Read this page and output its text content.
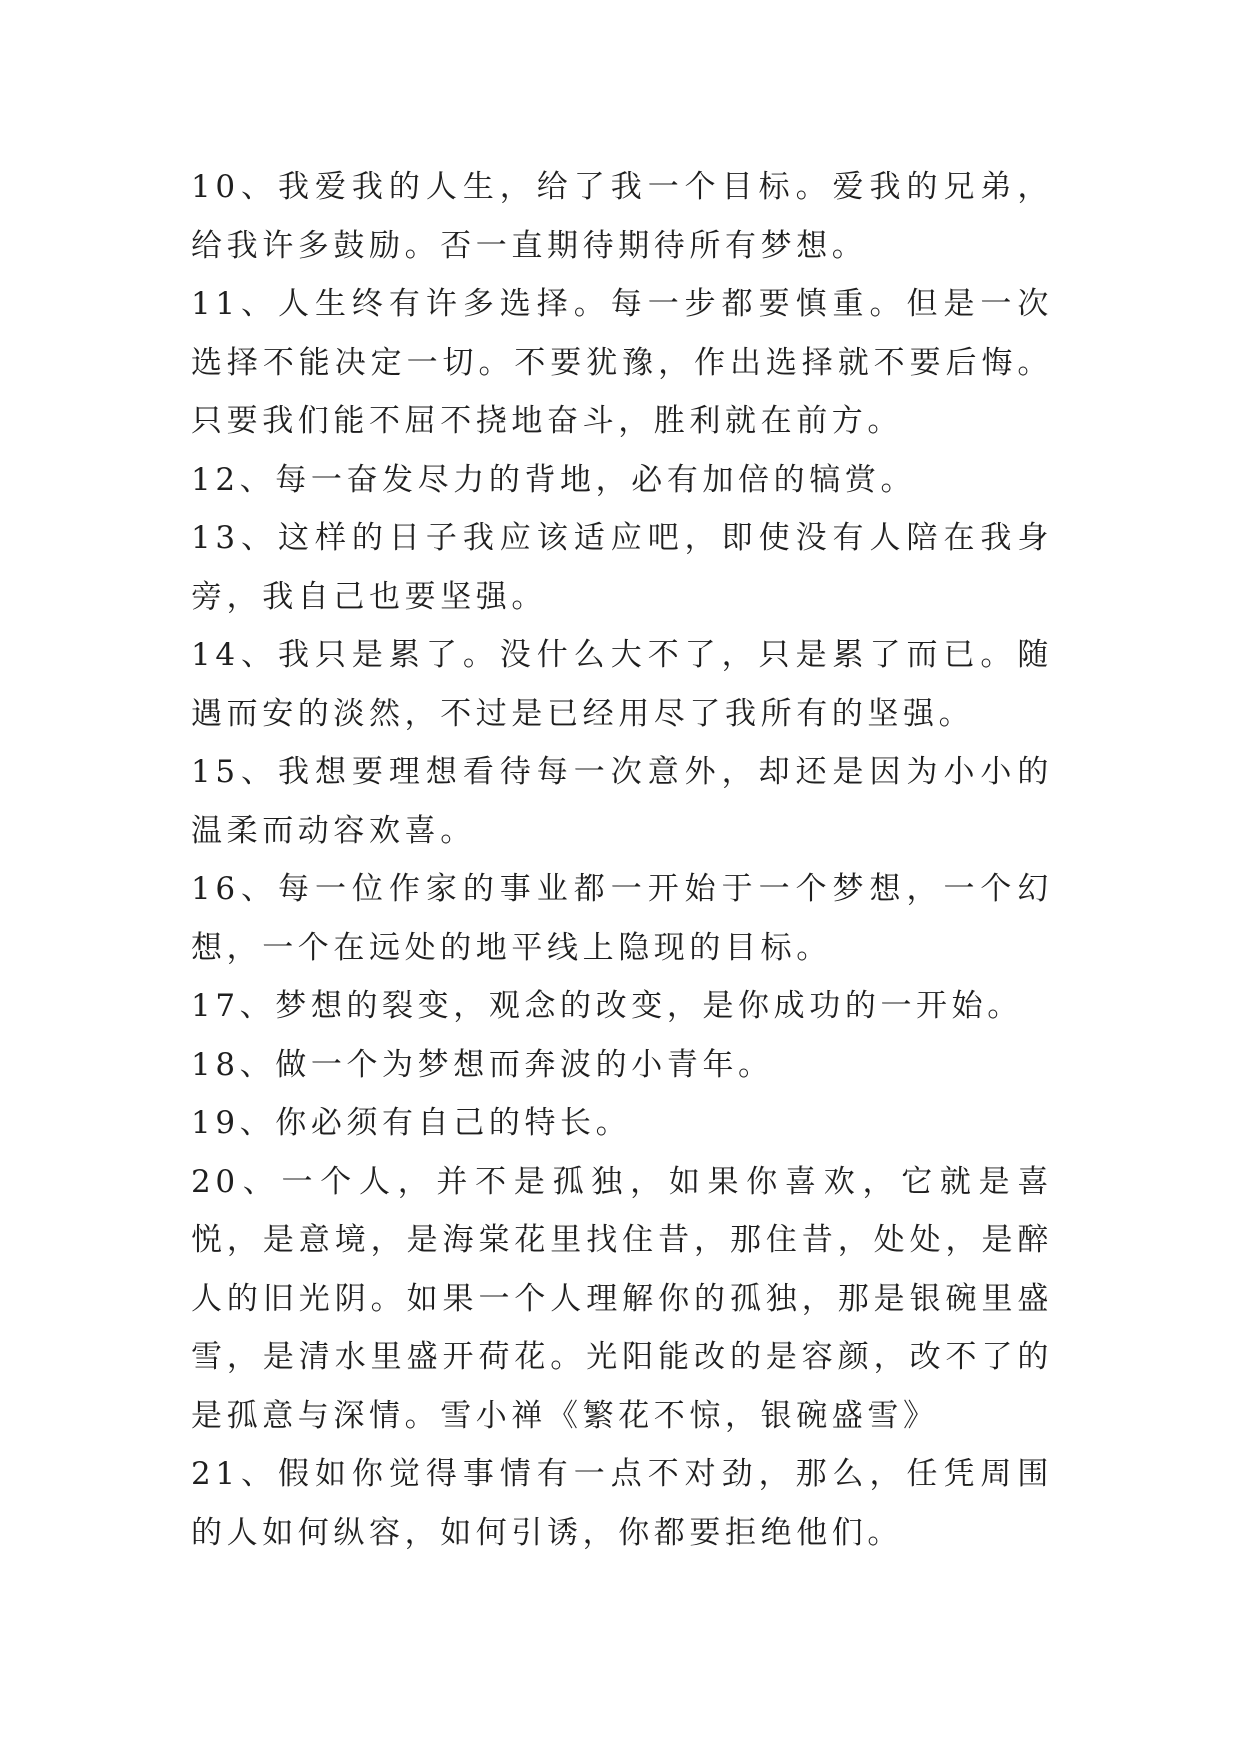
10、我爱我的人生，给了我一个目标。爱我的兄弟，给我许多鼓励。否一直期待期待所有梦想。

11、人生终有许多选择。每一步都要慎重。但是一次选择不能决定一切。不要犹豫，作出选择就不要后悔。只要我们能不屈不挠地奋斗，胜利就在前方。

12、每一奋发尽力的背地，必有加倍的犒赏。

13、这样的日子我应该适应吧，即使没有人陪在我身旁，我自己也要坚强。

14、我只是累了。没什么大不了，只是累了而已。随遇而安的淡然，不过是已经用尽了我所有的坚强。

15、我想要理想看待每一次意外，却还是因为小小的温柔而动容欢喜。

16、每一位作家的事业都一开始于一个梦想，一个幻想，一个在远处的地平线上隐现的目标。

17、梦想的裂变，观念的改变，是你成功的一开始。

18、做一个为梦想而奔波的小青年。

19、你必须有自己的特长。

20、一个人，并不是孤独，如果你喜欢，它就是喜悦，是意境，是海棠花里找住昔，那住昔，处处，是醉人的旧光阴。如果一个人理解你的孤独，那是银碗里盛雪，是清水里盛开荷花。光阳能改的是容颜，改不了的是孤意与深情。雪小禅《繁花不惊，银碗盛雪》

21、假如你觉得事情有一点不对劲，那么，任凭周围的人如何纵容，如何引诱，你都要拒绝他们。
